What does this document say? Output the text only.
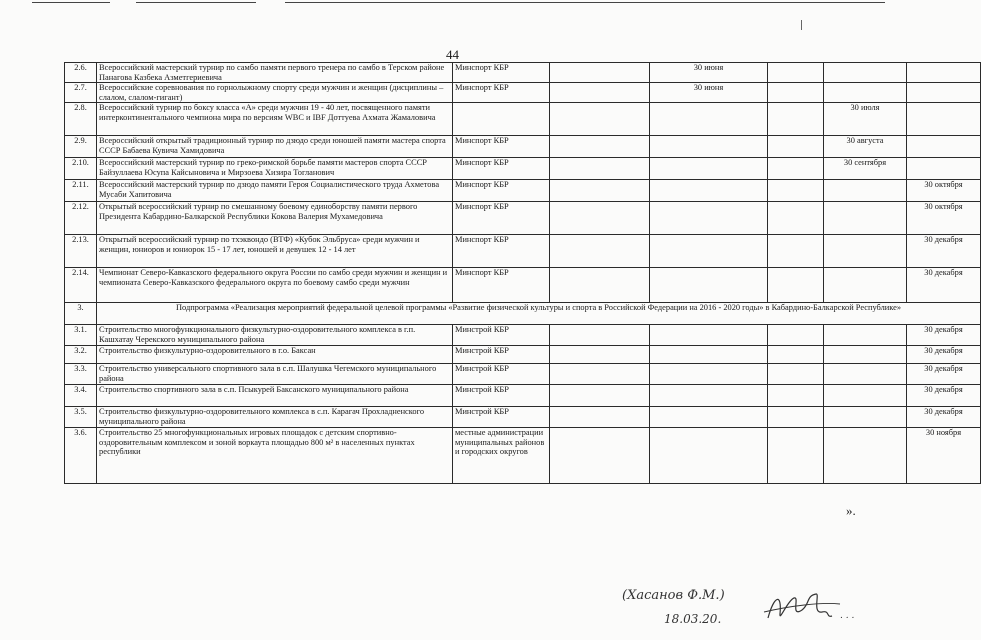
44
2.6.	Всероссийский мастерский турнир по самбо памяти первого тренера по самбо в Терском районе Панагова Казбека Азметгериевича	Минспорт КБР		30 июня			
2.7.	Всероссийские соревнования по горнолыжному спорту среди мужчин и женщин (дисциплины – слалом, слалом-гигант)	Минспорт КБР		30 июня			
2.8.	Всероссийский турнир по боксу класса «А» среди мужчин 19 - 40 лет, посвященного памяти интерконтинентального чемпиона мира по версиям WBC и IBF Доттуева Ахмата Жамаловича					30 июля	
2.9.	Всероссийский открытый традиционный турнир по дзюдо среди юношей памяти мастера спорта СССР Бабаева Кувича Хамидовича	Минспорт КБР				30 августа	
2.10.	Всероссийский мастерский турнир по греко-римской борьбе памяти мастеров спорта СССР Байзуллаева Юсупа Кайсыновича и Мирзоева Хизира Тогланович	Минспорт КБР				30 сентября	
2.11.	Всероссийский мастерский турнир по дзюдо памяти Героя Социалистического труда Ахметова Мусаби Хапитовича	Минспорт КБР					30 октября
2.12.	Открытый всероссийский турнир по смешанному боевому единоборству памяти первого Президента Кабардино-Балкарской Республики Кокова Валерия Мухамедовича	Минспорт КБР					30 октября
2.13.	Открытый всероссийский турнир по тхэквондо (ВТФ) «Кубок Эльбруса» среди мужчин и женщин, юниоров и юниорок 15 - 17 лет, юношей и девушек 12 - 14 лет	Минспорт КБР					30 декабря
2.14.	Чемпионат Северо-Кавказского федерального округа России по самбо среди мужчин и женщин и чемпионата Северо-Кавказского федерального округа по боевому самбо среди мужчин	Минспорт КБР					30 декабря
3.	Подпрограмма «Реализация мероприятий федеральной целевой программы «Развитие физической культуры и спорта в Российской Федерации на 2016 - 2020 годы» в Кабардино-Балкарской Республике»						
3.1.	Строительство многофункционального физкультурно-оздоровительного комплекса в г.п. Кашхатау Черекского муниципального района	Минстрой КБР					30 декабря
3.2.	Строительство физкультурно-оздоровительного в г.о. Баксан	Минстрой КБР					30 декабря
3.3.	Строительство универсального спортивного зала в с.п. Шалушка Чегемского муниципального района	Минстрой КБР					30 декабря
3.4.	Строительство спортивного зала в с.п. Псыкурей Баксанского муниципального района	Минстрой КБР					30 декабря
3.5.	Строительство физкультурно-оздоровительного комплекса в с.п. Карагач Прохладненского муниципального района	Минстрой КБР					30 декабря
3.6.	Строительство 25 многофункциональных игровых площадок с детским спортивно-оздоровительным комплексом и зоной воркаута площадью 800 м² в населенных пунктах республики	местные администрации муниципальных районов и городских округов					30 ноября
».
(Хасанов Ф.М.)
18.03.20.	. . .
